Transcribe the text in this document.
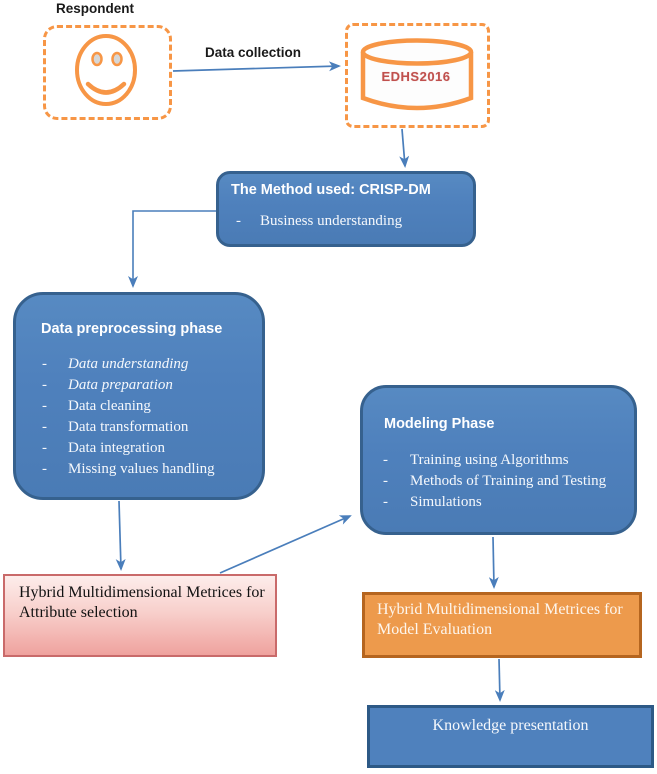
Respondent
Data collection
EDHS2016
The Method used: CRISP-DM
-	Business understanding
Data preprocessing phase
-	Data understanding
-	Data preparation
-	Data cleaning
-	Data transformation
-	Data integration
-	Missing values handling
Modeling Phase
-	Training using Algorithms
-	Methods of Training and Testing
-	Simulations
Hybrid Multidimensional Metrices for
Attribute selection	Hybrid Multidimensional Metrices for
Model Evaluation
Knowledge presentation
